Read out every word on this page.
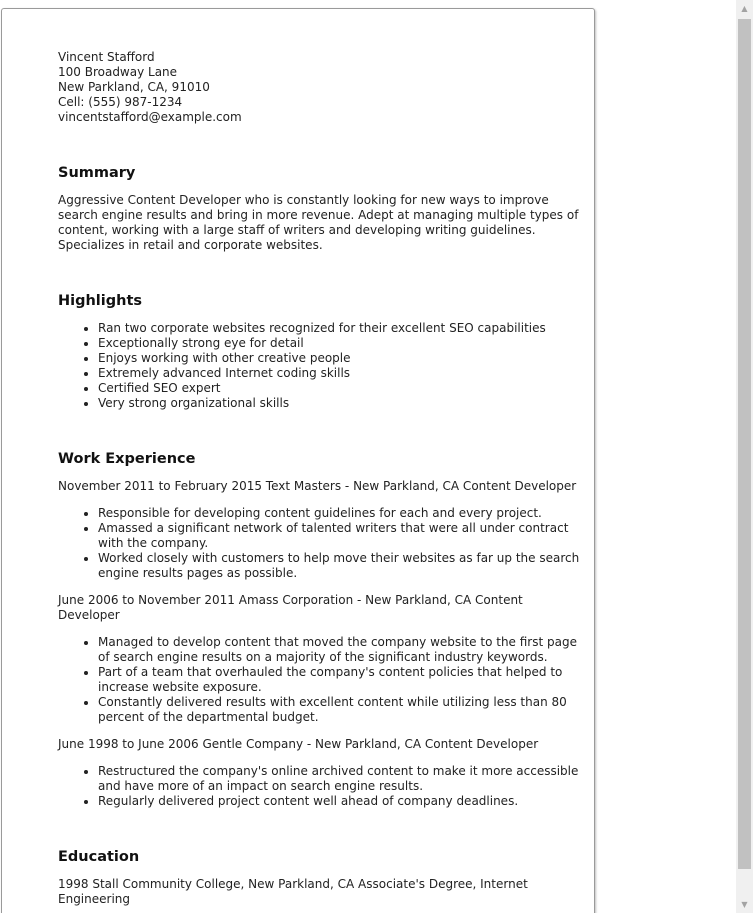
Vincent Stafford
100 Broadway Lane
New Parkland, CA, 91010
Cell: (555) 987-1234
vincentstafford@example.com
Summary
Aggressive Content Developer who is constantly looking for new ways to improve search engine results and bring in more revenue. Adept at managing multiple types of content, working with a large staff of writers and developing writing guidelines. Specializes in retail and corporate websites.
Highlights
• Ran two corporate websites recognized for their excellent SEO capabilities
• Exceptionally strong eye for detail
• Enjoys working with other creative people
• Extremely advanced Internet coding skills
• Certified SEO expert
• Very strong organizational skills
Work Experience
November 2011 to February 2015 Text Masters - New Parkland, CA Content Developer
• Responsible for developing content guidelines for each and every project.
• Amassed a significant network of talented writers that were all under contract with the company.
• Worked closely with customers to help move their websites as far up the search engine results pages as possible.
June 2006 to November 2011 Amass Corporation - New Parkland, CA Content Developer
• Managed to develop content that moved the company website to the first page of search engine results on a majority of the significant industry keywords.
• Part of a team that overhauled the company's content policies that helped to increase website exposure.
• Constantly delivered results with excellent content while utilizing less than 80 percent of the departmental budget.
June 1998 to June 2006 Gentle Company - New Parkland, CA Content Developer
• Restructured the company's online archived content to make it more accessible and have more of an impact on search engine results.
• Regularly delivered project content well ahead of company deadlines.
Education
1998 Stall Community College, New Parkland, CA Associate's Degree, Internet Engineering
▲
▼
